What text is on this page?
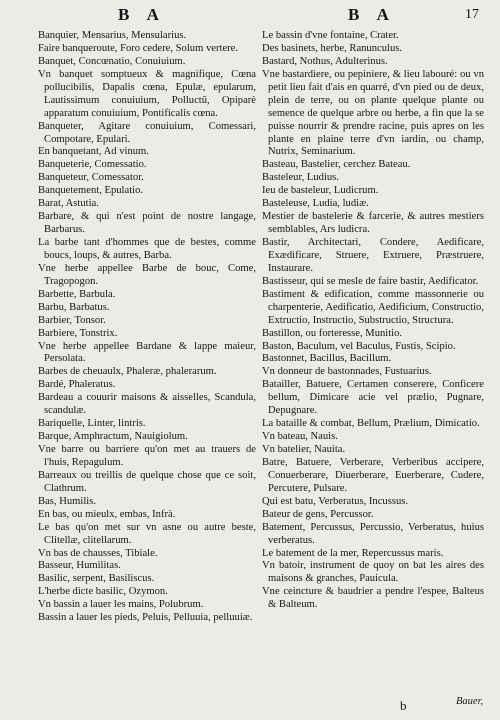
B A	B A	17

Banquier, Mensarius, Mensularius.

Faire banqueroute, Foro cedere, Solum vertere.

Banquet, Concœnatio, Conuiuium.

Vn banquet somptueux & magnifique, Cœna pollucibilis, Dapalis cœna, Epulæ, epularum, Lautissimum conuiuium, Polluctũ, Opiparè apparatum conuiuium, Pontificalis cœna.

Banqueter, Agitare conuiuium, Comessari, Compotare, Epulari.

En banquetant, Ad vinum.

Banqueterie, Comessatio.

Banqueteur, Comessator.

Banquetement, Epulatio.

Barat, Astutia.

Barbare, & qui n'est point de nostre langage, Barbarus.

La barbe tant d'hommes que de bestes, comme boucs, loups, & autres, Barba.

Vne herbe appellee Barbe de bouc, Come, Tragopogon.

Barbette, Barbula.

Barbu, Barbatus.

Barbier, Tonsor.

Barbiere, Tonstrix.

Vne herbe appellee Bardane & lappe maieur, Persolata.

Barbes de cheuaulx, Phaleræ, phalerarum.

Bardé, Phaleratus.

Bardeau a couurir maisons & aisselles, Scandula, scandulæ.

Bariquelle, Linter, lintris.

Barque, Amphractum, Nauigiolum.

Vne barre ou barriere qu'on met au trauers de l'huis, Repagulum.

Barreaux ou treillis de quelque chose que ce soit, Clathrum.

Bas, Humilis.

En bas, ou mieulx, embas, Infrà.

Le bas qu'on met sur vn asne ou autre beste, Clitellæ, clitellarum.

Vn bas de chausses, Tibiale.

Basseur, Humilitas.

Basilic, serpent, Basiliscus.

L'herbe dicte basilic, Ozymon.

Vn bassin a lauer les mains, Polubrum.

Bassin a lauer les pieds, Peluis, Pelluuia, pelluuiæ.

Le bassin d'vne fontaine, Crater.

Des basinets, herbe, Ranunculus.

Bastard, Nothus, Adulterinus.

Vne bastardiere, ou pepiniere, & lieu labouré: ou vn petit lieu fait d'ais en quarré, d'vn pied ou de deux, plein de terre, ou on plante quelque plante ou semence de quelque arbre ou herbe, a fin que la se puisse nourrir & prendre racine, puis apres on les plante en plaine terre d'vn iardin, ou champ, Nutrix, Seminarium.

Basteau, Bastelier, cerchez Bateau.

Basteleur, Ludius.

Ieu de basteleur, Ludicrum.

Basteleuse, Ludia, ludiæ.

Mestier de bastelerie & farcerie, & autres mestiers semblables, Ars ludicra.

Bastir, Architectari, Condere, Aedificare, Exædificare, Struere, Extruere, Præstruere, Instaurare.

Bastisseur, qui se mesle de faire bastir, Aedificator.

Bastiment & edification, comme massonnerie ou charpenterie, Aedificatio, Aedificium, Constructio, Extructio, Instructio, Substructio, Structura.

Bastillon, ou forteresse, Munitio.

Baston, Baculum, vel Baculus, Fustis, Scipio.

Bastonnet, Bacillus, Bacillum.

Vn donneur de bastonnades, Fustuarius.

Batailler, Batuere, Certamen conserere, Conficere bellum, Dimicare acie vel prælio, Pugnare, Depugnare.

La bataille & combat, Bellum, Prælium, Dimicatio.

Vn bateau, Nauis.

Vn batelier, Nauita.

Batre, Batuere, Verberare, Verberibus accipere, Conuerberare, Diuerberare, Euerberare, Cudere, Percutere, Pulsare.

Qui est batu, Verberatus, Incussus.

Bateur de gens, Percussor.

Batement, Percussus, Percussio, Verberatus, huius verberatus.

Le batement de la mer, Repercussus maris.

Vn batoir, instrument de quoy on bat les aires des maisons & granches, Pauicula.

Vne ceincture & baudrier a pendre l'espee, Balteus & Balteum.

b	Bauer,
